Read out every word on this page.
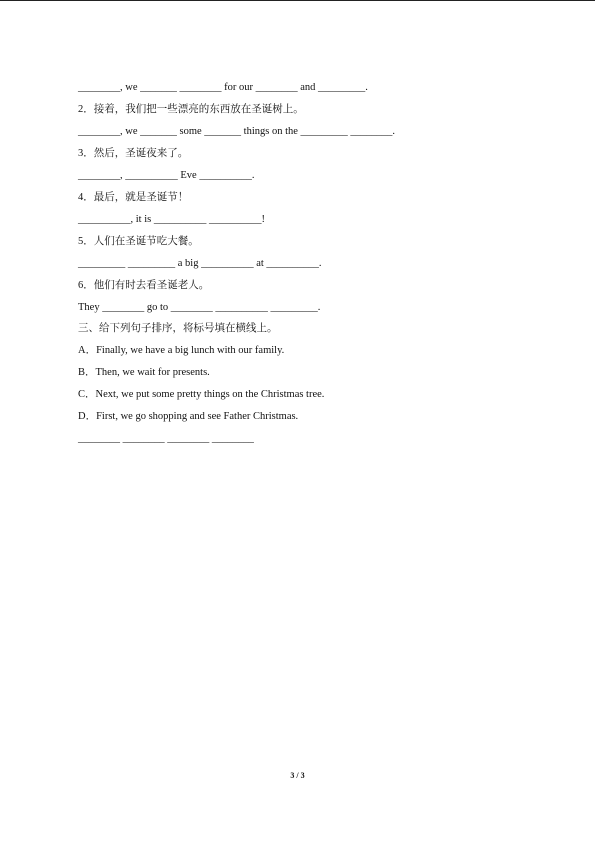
________, we _______ ________ for our ________ and _________.
2．接着，我们把一些漂亮的东西放在圣诞树上。
________, we _______ some _______ things on the _________ ________.
3．然后，圣诞夜来了。
________, __________ Eve __________.
4．最后，就是圣诞节！
__________, it is __________ __________!
5．人们在圣诞节吃大餐。
_________ _________ a big __________ at __________.
6．他们有时去看圣诞老人。
They ________ go to ________ __________ _________.
三、给下列句子排序，将标号填在横线上。
A．Finally, we have a big lunch with our family.
B．Then, we wait for presents.
C．Next, we put some pretty things on the Christmas tree.
D．First, we go shopping and see Father Christmas.
________ ________ ________ ________
3 / 3
